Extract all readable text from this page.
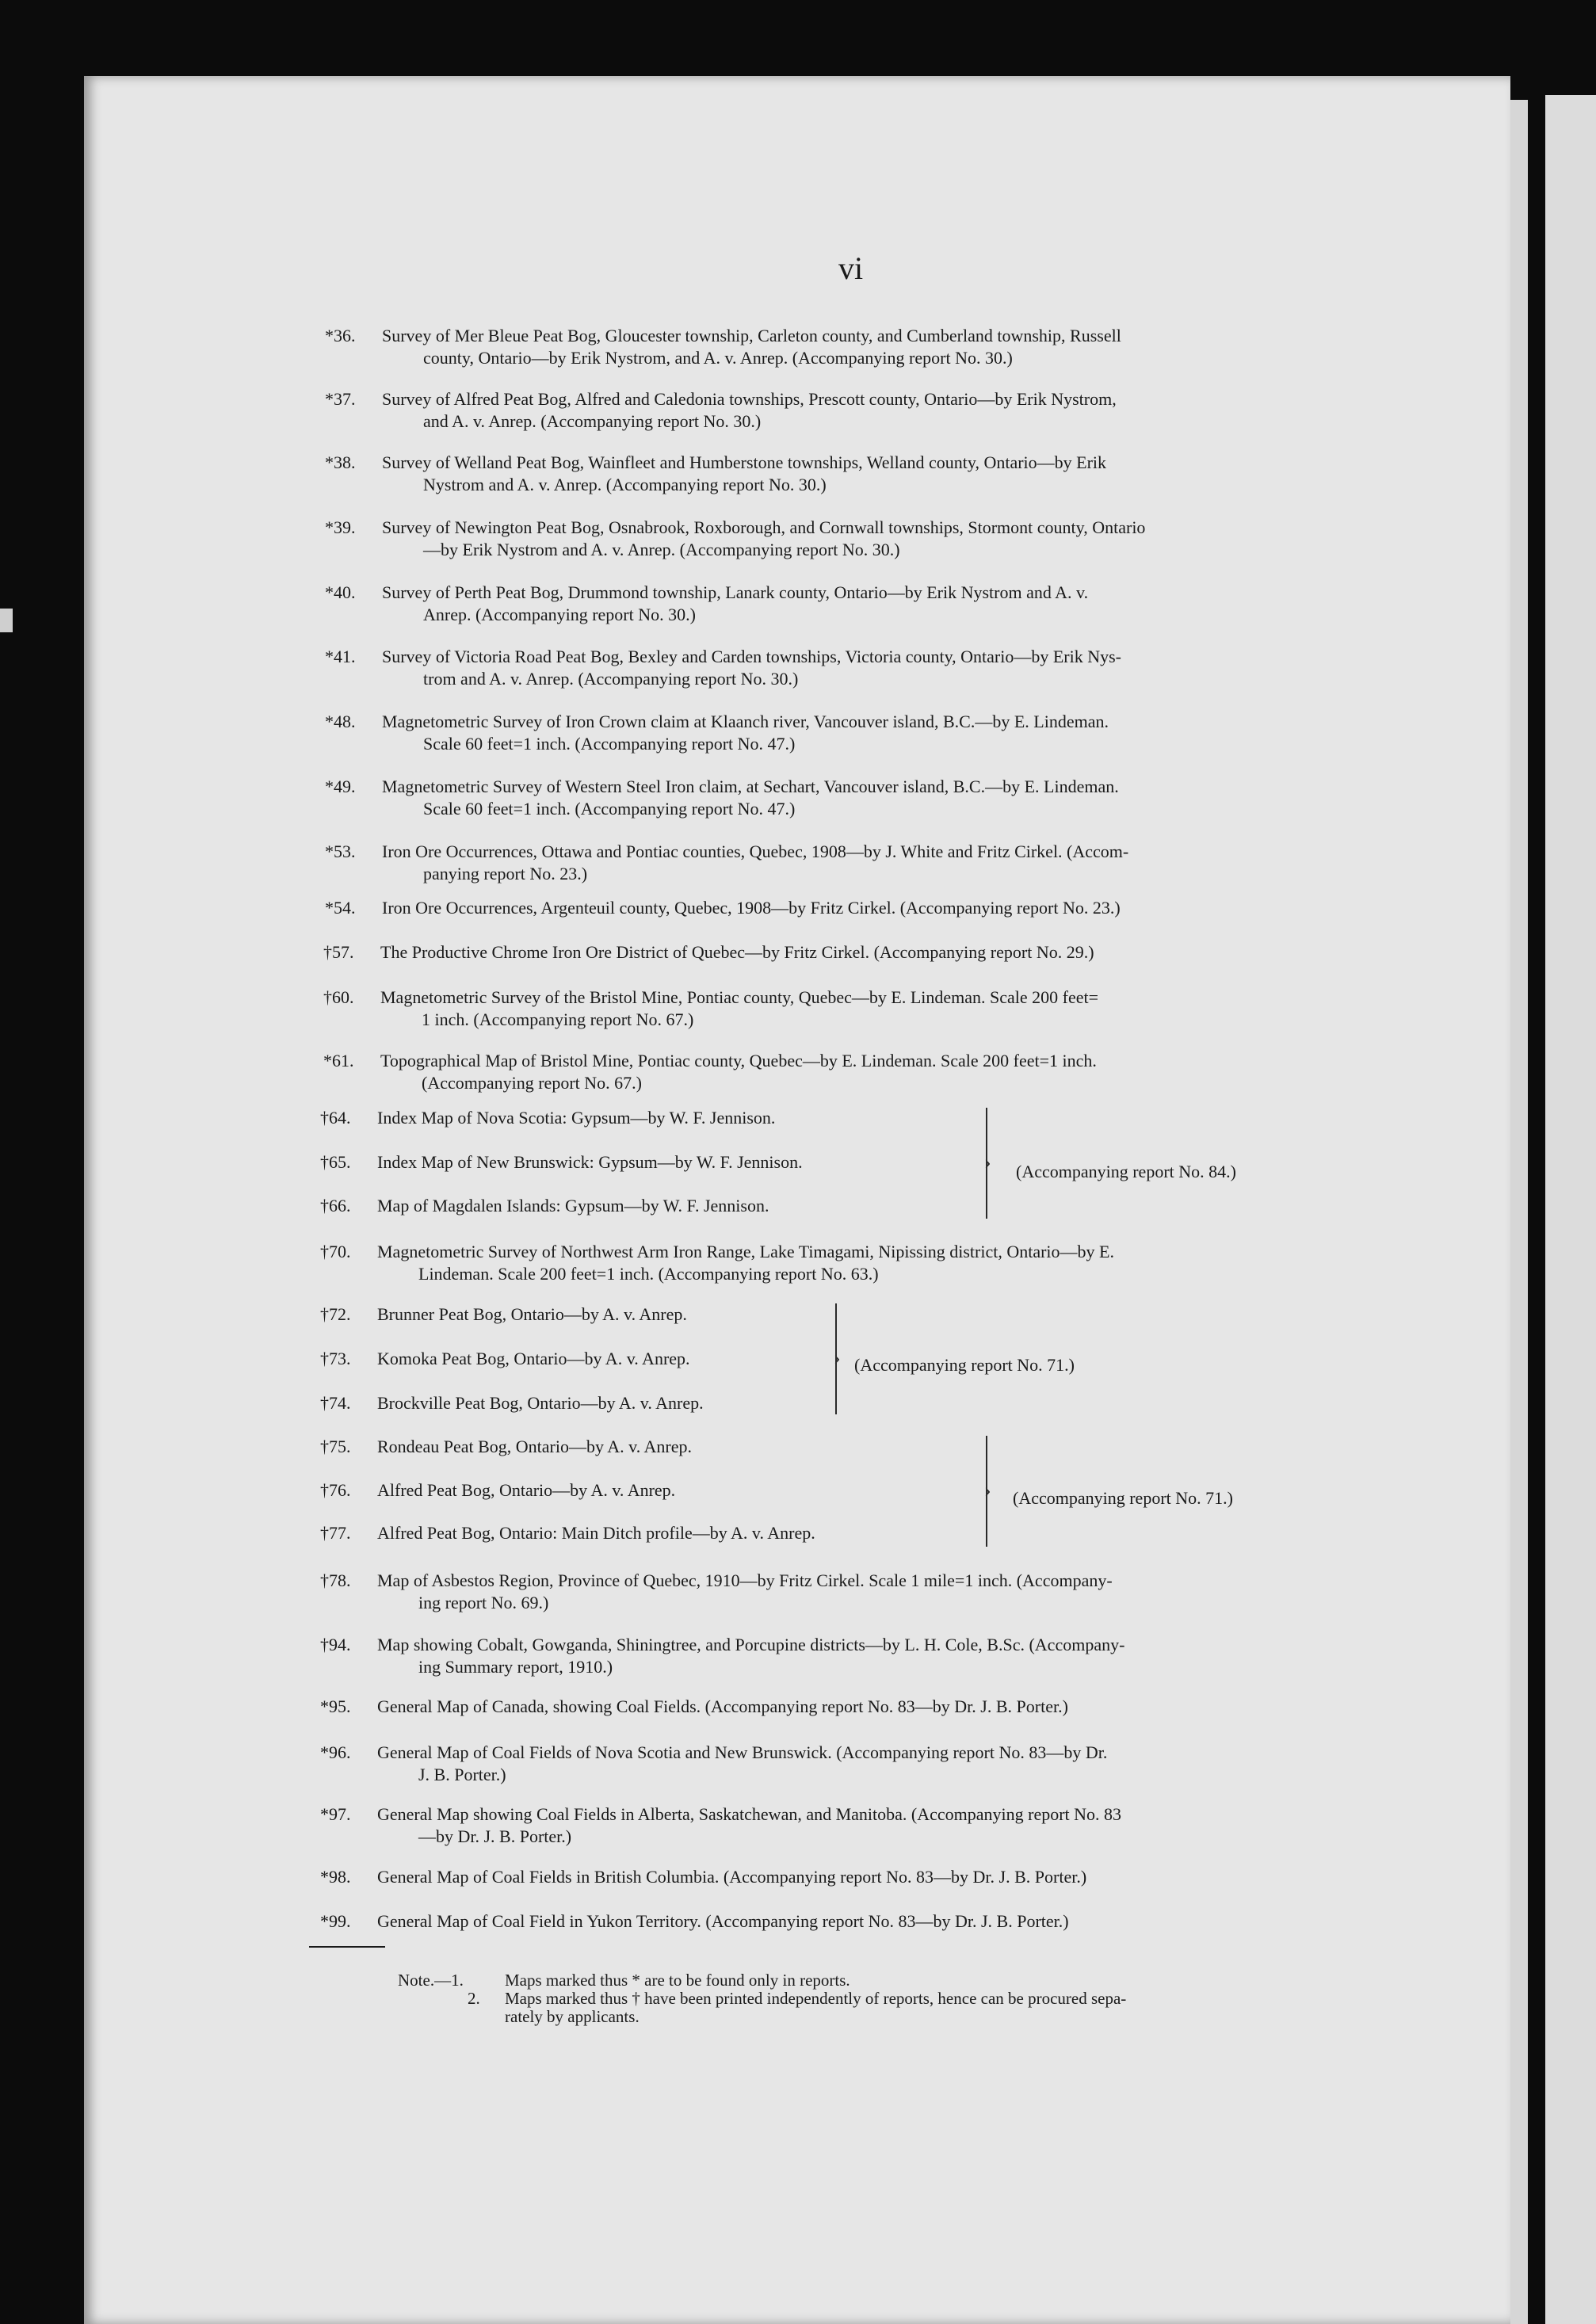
vi
*36. Survey of Mer Bleue Peat Bog, Gloucester township, Carleton county, and Cumberland township, Russell
county, Ontario—by Erik Nystrom, and A. v. Anrep. (Accompanying report No. 30.)
*37. Survey of Alfred Peat Bog, Alfred and Caledonia townships, Prescott county, Ontario—by Erik Nystrom,
and A. v. Anrep. (Accompanying report No. 30.)
*38. Survey of Welland Peat Bog, Wainfleet and Humberstone townships, Welland county, Ontario—by Erik
Nystrom and A. v. Anrep. (Accompanying report No. 30.)
*39. Survey of Newington Peat Bog, Osnabrook, Roxborough, and Cornwall townships, Stormont county, Ontario
—by Erik Nystrom and A. v. Anrep. (Accompanying report No. 30.)
*40. Survey of Perth Peat Bog, Drummond township, Lanark county, Ontario—by Erik Nystrom and A. v.
Anrep. (Accompanying report No. 30.)
*41. Survey of Victoria Road Peat Bog, Bexley and Carden townships, Victoria county, Ontario—by Erik Nys-
trom and A. v. Anrep. (Accompanying report No. 30.)
*48. Magnetometric Survey of Iron Crown claim at Klaanch river, Vancouver island, B.C.—by E. Lindeman.
Scale 60 feet=1 inch. (Accompanying report No. 47.)
*49. Magnetometric Survey of Western Steel Iron claim, at Sechart, Vancouver island, B.C.—by E. Lindeman.
Scale 60 feet=1 inch. (Accompanying report No. 47.)
*53. Iron Ore Occurrences, Ottawa and Pontiac counties, Quebec, 1908—by J. White and Fritz Cirkel. (Accom-
panying report No. 23.)
*54. Iron Ore Occurrences, Argenteuil county, Quebec, 1908—by Fritz Cirkel. (Accompanying report No. 23.)
†57. The Productive Chrome Iron Ore District of Quebec—by Fritz Cirkel. (Accompanying report No. 29.)
†60. Magnetometric Survey of the Bristol Mine, Pontiac county, Quebec—by E. Lindeman. Scale 200 feet=
1 inch. (Accompanying report No. 67.)
*61. Topographical Map of Bristol Mine, Pontiac county, Quebec—by E. Lindeman. Scale 200 feet=1 inch.
(Accompanying report No. 67.)
†64. Index Map of Nova Scotia: Gypsum—by W. F. Jennison.
†65. Index Map of New Brunswick: Gypsum—by W. F. Jennison.
†66. Map of Magdalen Islands: Gypsum—by W. F. Jennison.
†70. Magnetometric Survey of Northwest Arm Iron Range, Lake Timagami, Nipissing district, Ontario—by E.
Lindeman. Scale 200 feet=1 inch. (Accompanying report No. 63.)
†72. Brunner Peat Bog, Ontario—by A. v. Anrep.
†73. Komoka Peat Bog, Ontario—by A. v. Anrep.
†74. Brockville Peat Bog, Ontario—by A. v. Anrep.
†75. Rondeau Peat Bog, Ontario—by A. v. Anrep.
†76. Alfred Peat Bog, Ontario—by A. v. Anrep.
†77. Alfred Peat Bog, Ontario: Main Ditch profile—by A. v. Anrep.
†78. Map of Asbestos Region, Province of Quebec, 1910—by Fritz Cirkel. Scale 1 mile=1 inch. (Accompany-
ing report No. 69.)
†94. Map showing Cobalt, Gowganda, Shiningtree, and Porcupine districts—by L. H. Cole, B.Sc. (Accompany-
ing Summary report, 1910.)
*95. General Map of Canada, showing Coal Fields. (Accompanying report No. 83—by Dr. J. B. Porter.)
*96. General Map of Coal Fields of Nova Scotia and New Brunswick. (Accompanying report No. 83—by Dr.
J. B. Porter.)
*97. General Map showing Coal Fields in Alberta, Saskatchewan, and Manitoba. (Accompanying report No. 83
—by Dr. J. B. Porter.)
*98. General Map of Coal Fields in British Columbia. (Accompanying report No. 83—by Dr. J. B. Porter.)
*99. General Map of Coal Field in Yukon Territory. (Accompanying report No. 83—by Dr. J. B. Porter.)
› (Accompanying report No. 84.)
› (Accompanying report No. 71.)
› (Accompanying report No. 71.)
Note.—1. Maps marked thus * are to be found only in reports.
2. Maps marked thus † have been printed independently of reports, hence can be procured sepa-
rately by applicants.
